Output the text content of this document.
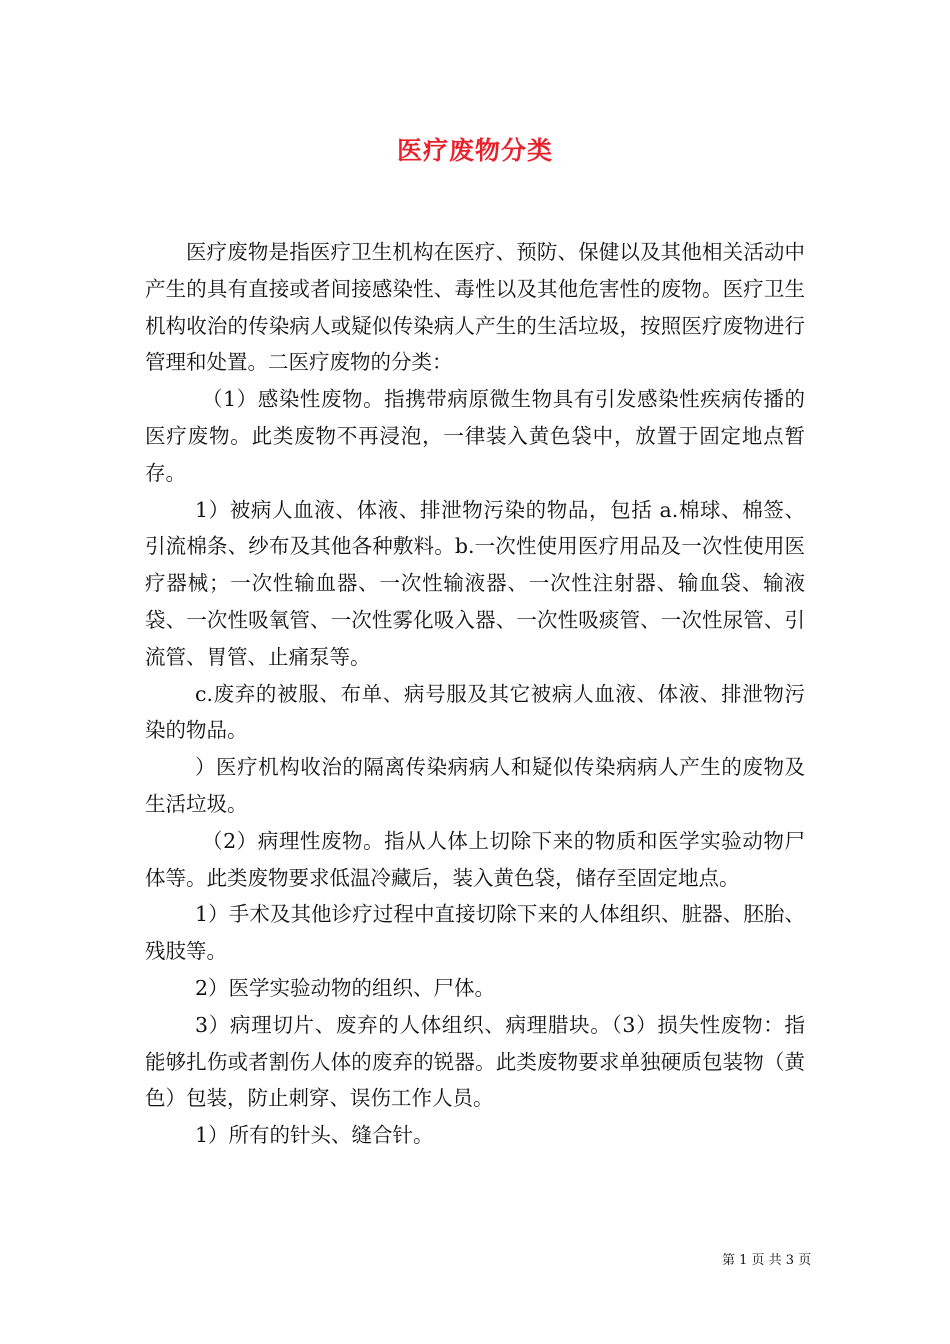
医疗废物分类

医疗废物是指医疗卫生机构在医疗、预防、保健以及其他相关活动中产生的具有直接或者间接感染性、毒性以及其他危害性的废物。医疗卫生机构收治的传染病人或疑似传染病人产生的生活垃圾，按照医疗废物进行管理和处置。二医疗废物的分类：

（1）感染性废物。指携带病原微生物具有引发感染性疾病传播的医疗废物。此类废物不再浸泡，一律装入黄色袋中，放置于固定地点暂存。

1）被病人血液、体液、排泄物污染的物品，包括 a.棉球、棉签、引流棉条、纱布及其他各种敷料。b.一次性使用医疗用品及一次性使用医疗器械；一次性输血器、一次性输液器、一次性注射器、输血袋、输液袋、一次性吸氧管、一次性雾化吸入器、一次性吸痰管、一次性尿管、引流管、胃管、止痛泵等。

c.废弃的被服、布单、病号服及其它被病人血液、体液、排泄物污染的物品。

）医疗机构收治的隔离传染病病人和疑似传染病病人产生的废物及生活垃圾。

（2）病理性废物。指从人体上切除下来的物质和医学实验动物尸体等。此类废物要求低温冷藏后，装入黄色袋，储存至固定地点。

1）手术及其他诊疗过程中直接切除下来的人体组织、脏器、胚胎、残肢等。

2）医学实验动物的组织、尸体。

3）病理切片、废弃的人体组织、病理腊块。（3）损失性废物：指能够扎伤或者割伤人体的废弃的锐器。此类废物要求单独硬质包装物（黄色）包装，防止刺穿、误伤工作人员。

1）所有的针头、缝合针。

第 1 页 共 3 页
